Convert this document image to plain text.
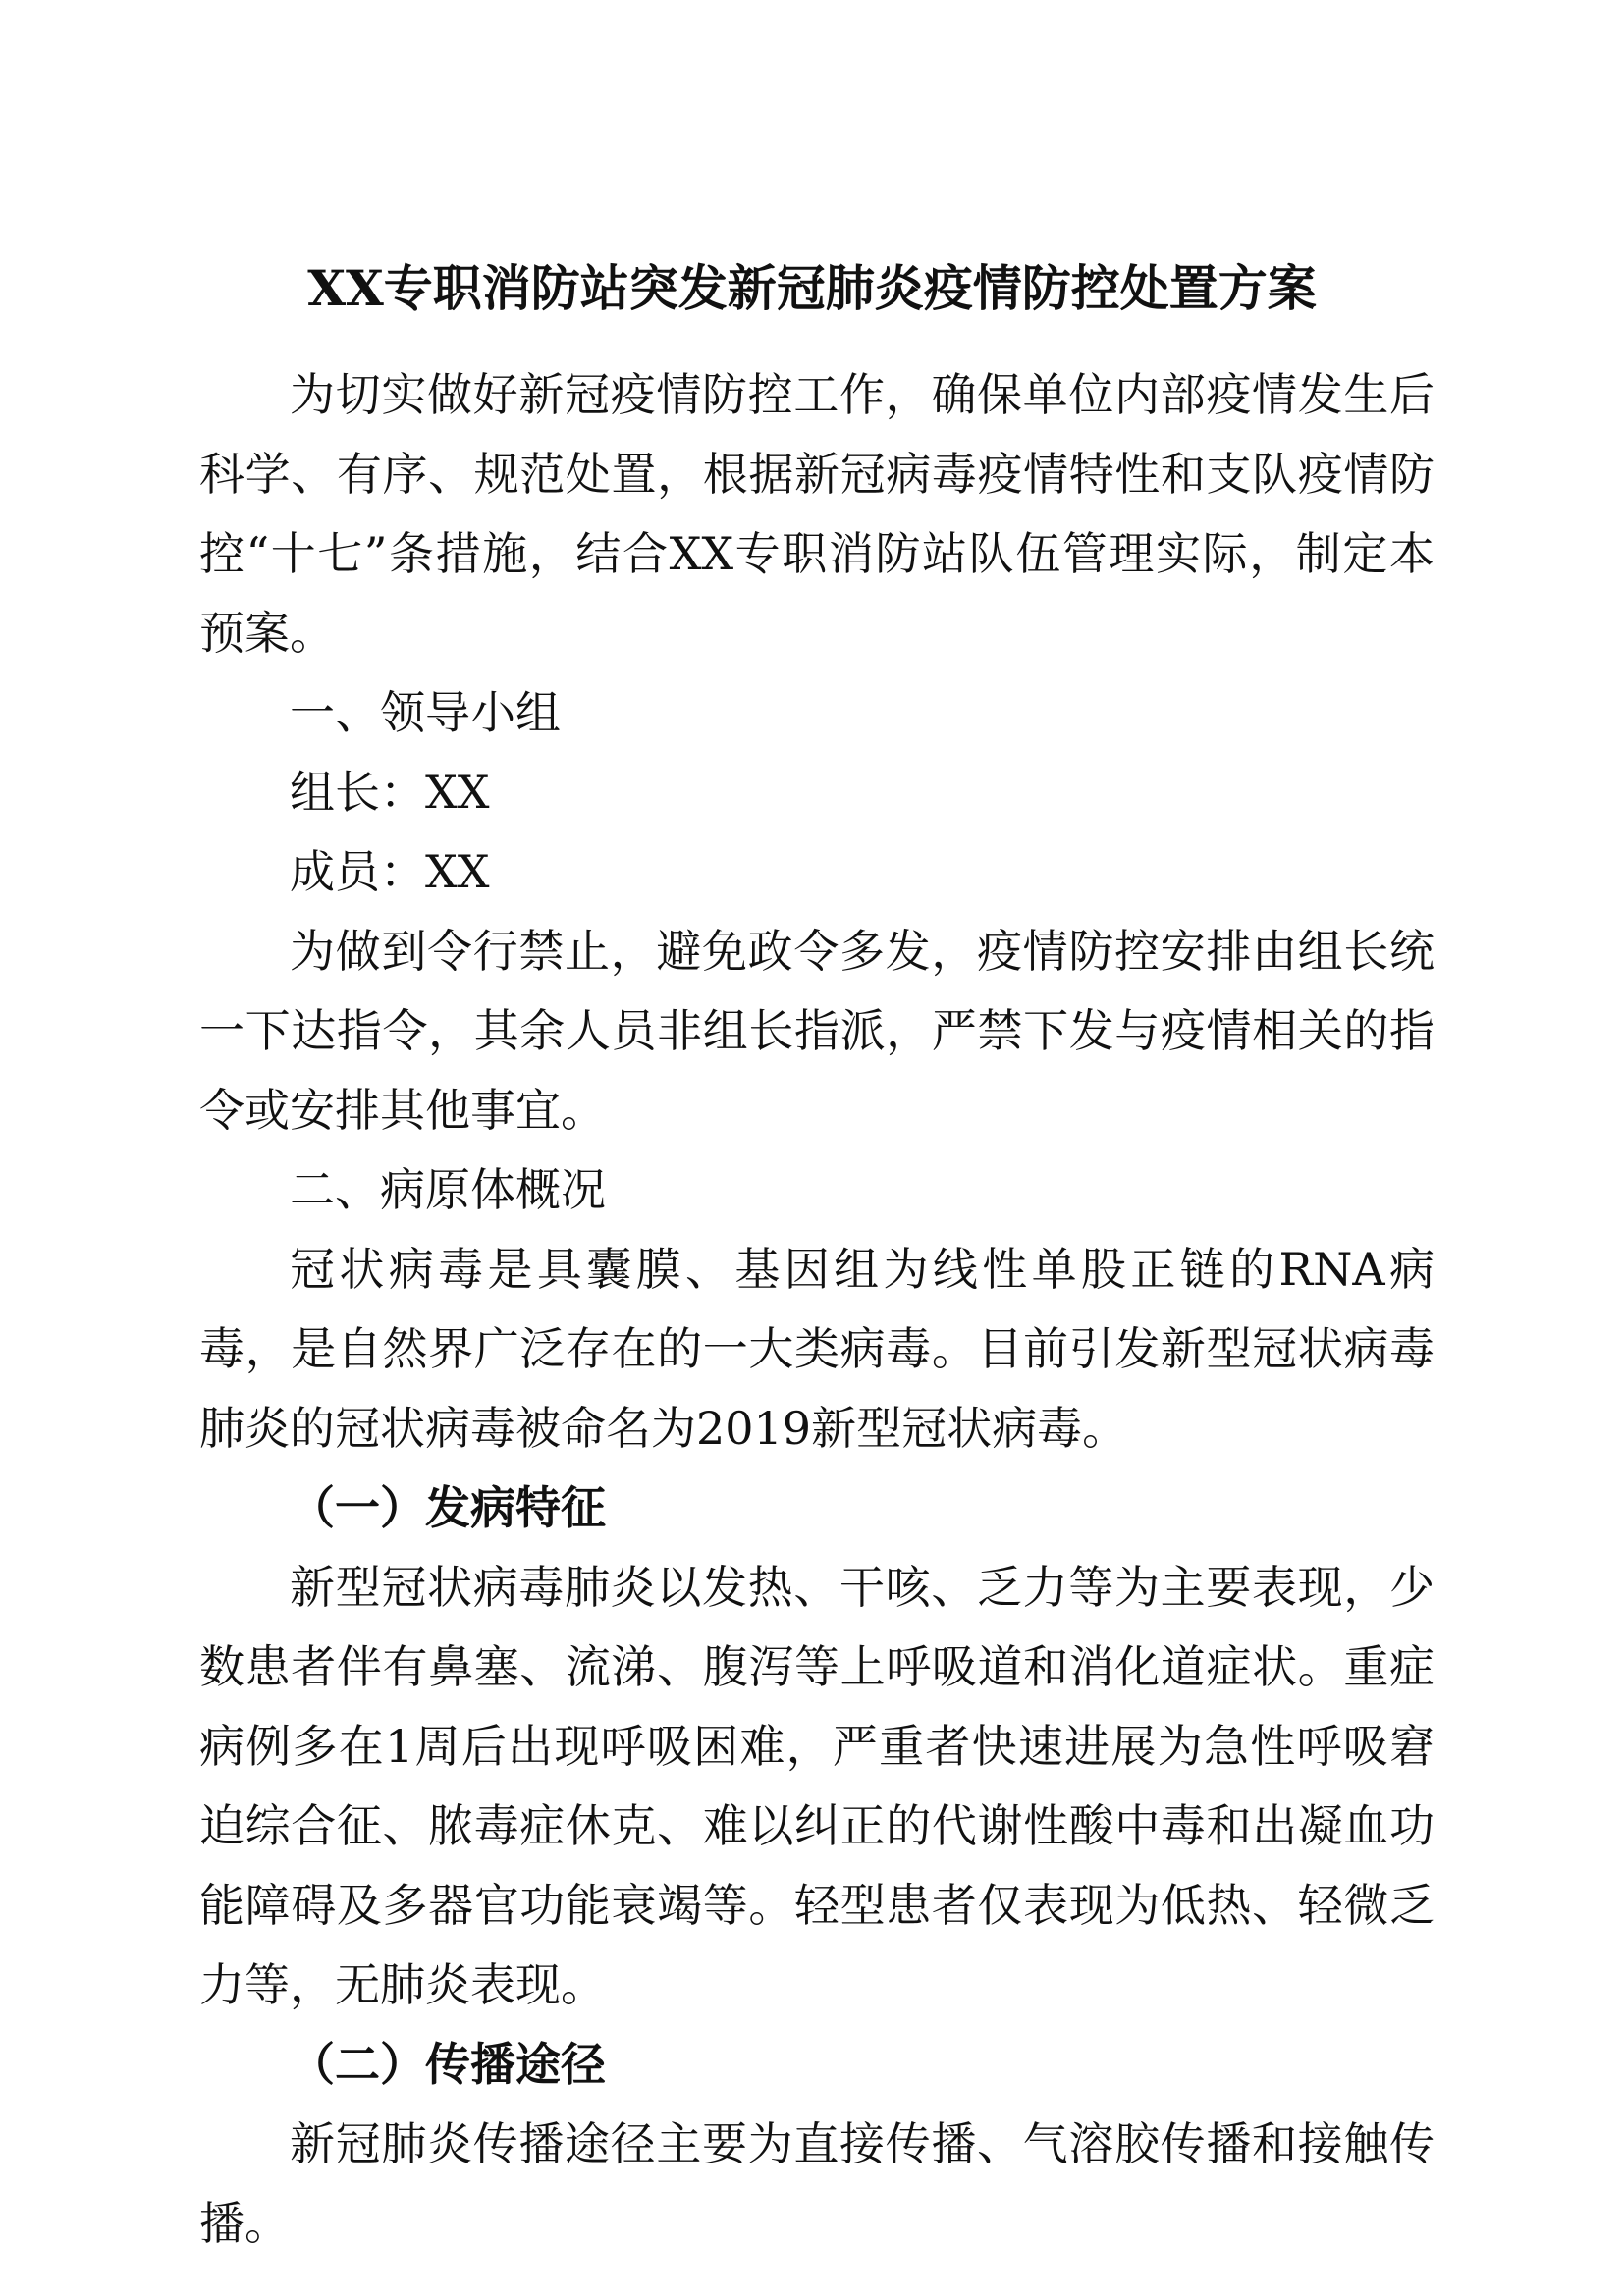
XX专职消防站突发新冠肺炎疫情防控处置方案

为切实做好新冠疫情防控工作，确保单位内部疫情发生后科学、有序、规范处置，根据新冠病毒疫情特性和支队疫情防控“十七”条措施，结合XX专职消防站队伍管理实际，制定本预案。

一、领导小组

组长：XX

成员：XX

为做到令行禁止，避免政令多发，疫情防控安排由组长统一下达指令，其余人员非组长指派，严禁下发与疫情相关的指令或安排其他事宜。

二、病原体概况

冠状病毒是具囊膜、基因组为线性单股正链的RNA病毒，是自然界广泛存在的一大类病毒。目前引发新型冠状病毒肺炎的冠状病毒被命名为2019新型冠状病毒。

（一）发病特征

新型冠状病毒肺炎以发热、干咳、乏力等为主要表现，少数患者伴有鼻塞、流涕、腹泻等上呼吸道和消化道症状。重症病例多在1周后出现呼吸困难，严重者快速进展为急性呼吸窘迫综合征、脓毒症休克、难以纠正的代谢性酸中毒和出凝血功能障碍及多器官功能衰竭等。轻型患者仅表现为低热、轻微乏力等，无肺炎表现。

（二）传播途径

新冠肺炎传播途径主要为直接传播、气溶胶传播和接触传播。
